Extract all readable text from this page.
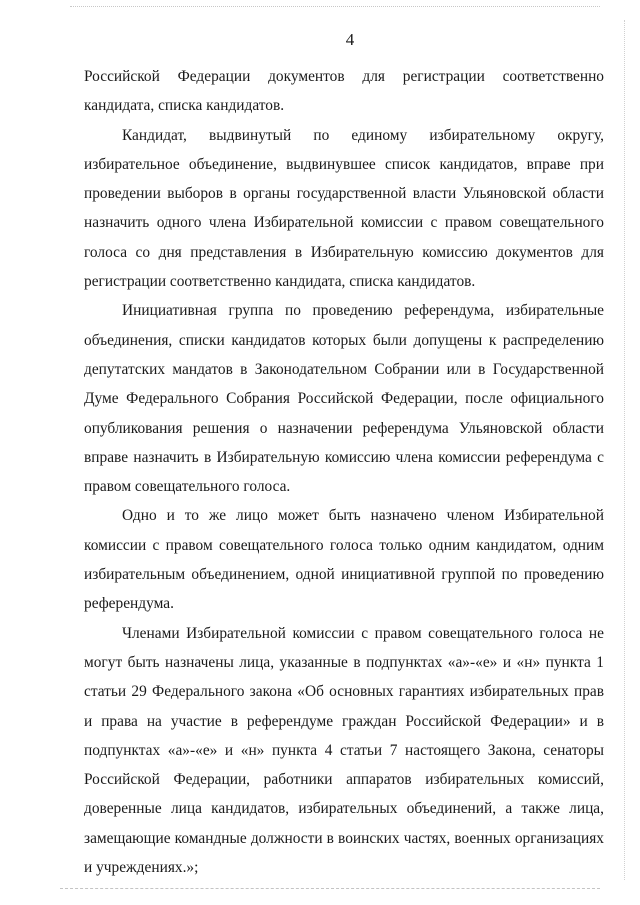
4

Российской Федерации документов для регистрации соответственно кандидата, списка кандидатов.

Кандидат, выдвинутый по единому избирательному округу, избирательное объединение, выдвинувшее список кандидатов, вправе при проведении выборов в органы государственной власти Ульяновской области назначить одного члена Избирательной комиссии с правом совещательного голоса со дня представления в Избирательную комиссию документов для регистрации соответственно кандидата, списка кандидатов.

Инициативная группа по проведению референдума, избирательные объединения, списки кандидатов которых были допущены к распределению депутатских мандатов в Законодательном Собрании или в Государственной Думе Федерального Собрания Российской Федерации, после официального опубликования решения о назначении референдума Ульяновской области вправе назначить в Избирательную комиссию члена комиссии референдума с правом совещательного голоса.

Одно и то же лицо может быть назначено членом Избирательной комиссии с правом совещательного голоса только одним кандидатом, одним избирательным объединением, одной инициативной группой по проведению референдума.

Членами Избирательной комиссии с правом совещательного голоса не могут быть назначены лица, указанные в подпунктах «а»-«е» и «н» пункта 1 статьи 29 Федерального закона «Об основных гарантиях избирательных прав и права на участие в референдуме граждан Российской Федерации» и в подпунктах «а»-«е» и «н» пункта 4 статьи 7 настоящего Закона, сенаторы Российской Федерации, работники аппаратов избирательных комиссий, доверенные лица кандидатов, избирательных объединений, а также лица, замещающие командные должности в воинских частях, военных организациях и учреждениях.»;
